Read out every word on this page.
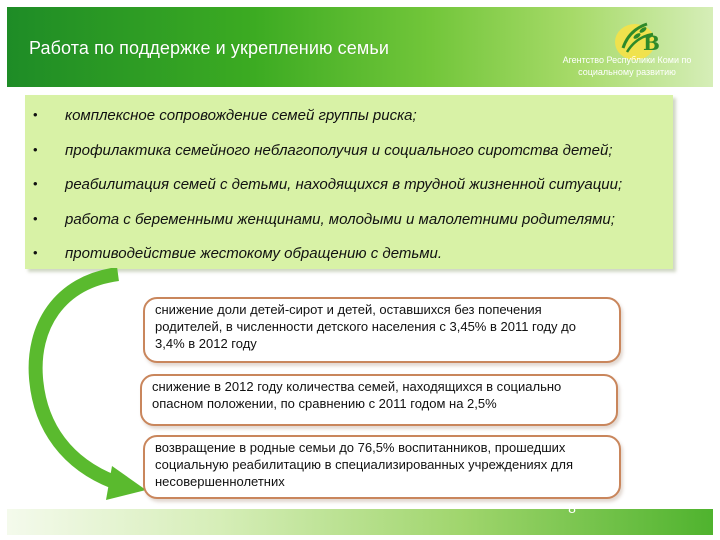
Работа по поддержке и укреплению семьи	В
Агентство Республики Коми по
социальному развитию
• комплексное сопровождение семей группы риска;
• профилактика семейного неблагополучия и социального сиротства детей;
• реабилитация семей с детьми, находящихся в трудной жизненной ситуации;
• работа с беременными женщинами, молодыми и малолетними родителями;
• противодействие жестокому обращению с детьми.
снижение доли детей-сирот и детей, оставшихся без попечения родителей, в численности детского населения с 3,45% в 2011 году до 3,4% в 2012 году
снижение в 2012 году количества семей, находящихся в социально опасном положении, по сравнению с 2011 годом на 2,5%
возвращение в родные семьи до 76,5% воспитанников, прошедших социальную реабилитацию в специализированных учреждениях для несовершеннолетних
8
